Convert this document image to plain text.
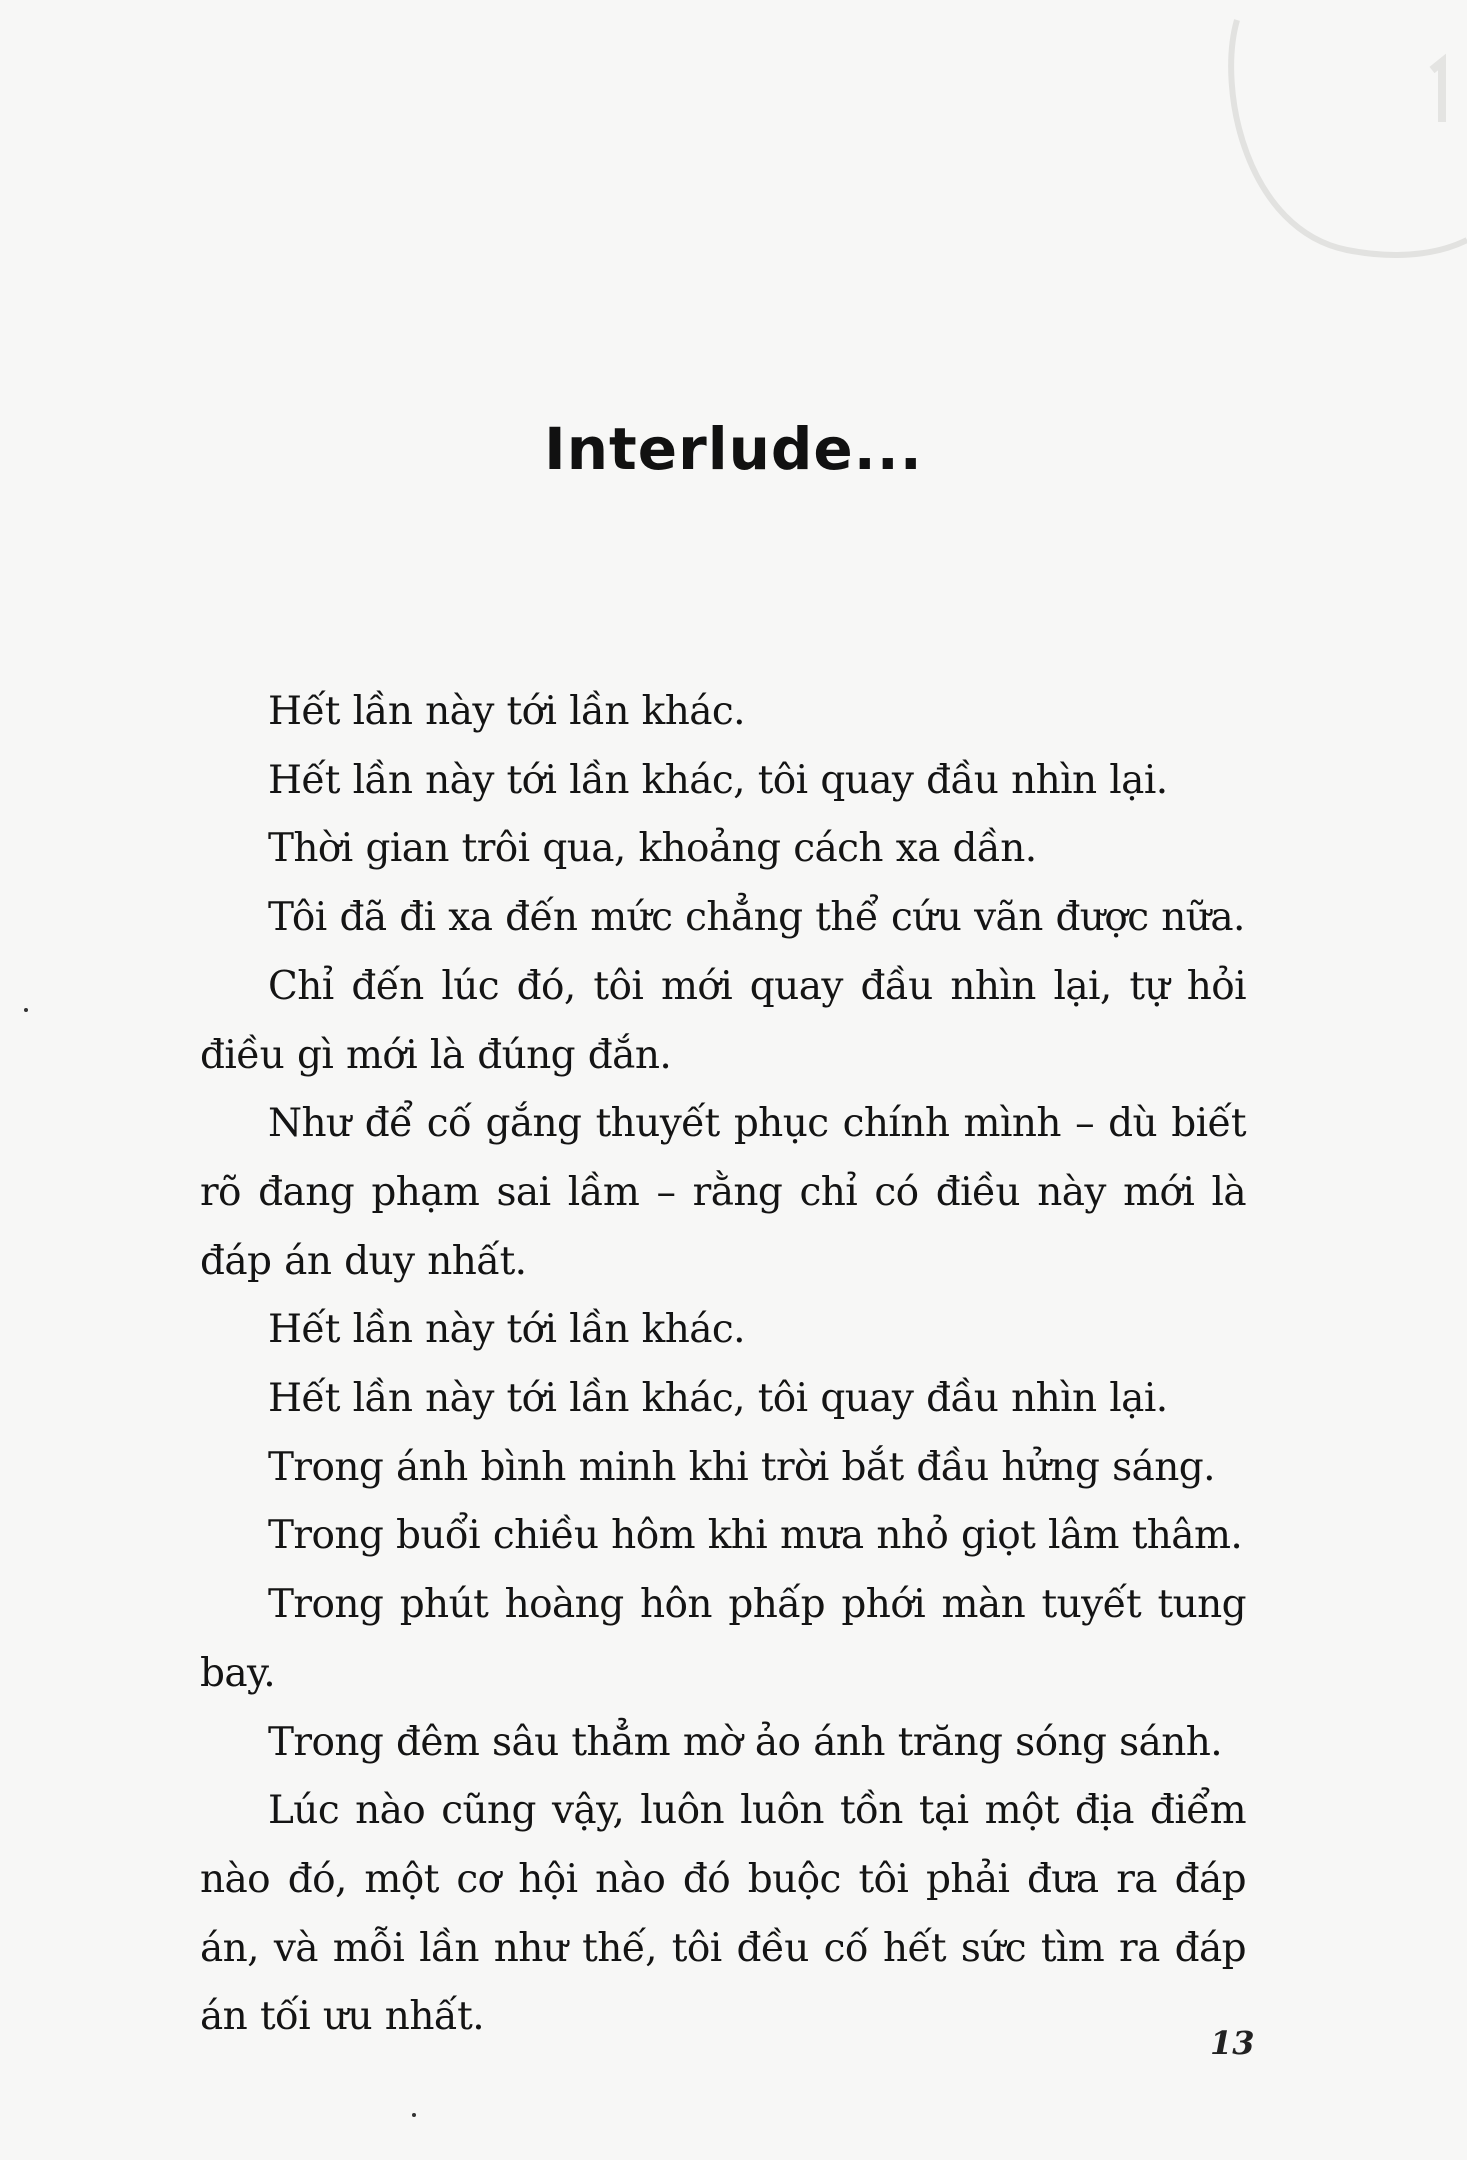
Interlude...

Hết lần này tới lần khác.

Hết lần này tới lần khác, tôi quay đầu nhìn lại.

Thời gian trôi qua, khoảng cách xa dần.

Tôi đã đi xa đến mức chẳng thể cứu vãn được nữa.

Chỉ đến lúc đó, tôi mới quay đầu nhìn lại, tự hỏi điều gì mới là đúng đắn.

Như để cố gắng thuyết phục chính mình – dù biết rõ đang phạm sai lầm – rằng chỉ có điều này mới là đáp án duy nhất.

Hết lần này tới lần khác.

Hết lần này tới lần khác, tôi quay đầu nhìn lại.

Trong ánh bình minh khi trời bắt đầu hửng sáng.

Trong buổi chiều hôm khi mưa nhỏ giọt lâm thâm.

Trong phút hoàng hôn phấp phới màn tuyết tung bay.

Trong đêm sâu thẳm mờ ảo ánh trăng sóng sánh.

Lúc nào cũng vậy, luôn luôn tồn tại một địa điểm nào đó, một cơ hội nào đó buộc tôi phải đưa ra đáp án, và mỗi lần như thế, tôi đều cố hết sức tìm ra đáp án tối ưu nhất.

13
